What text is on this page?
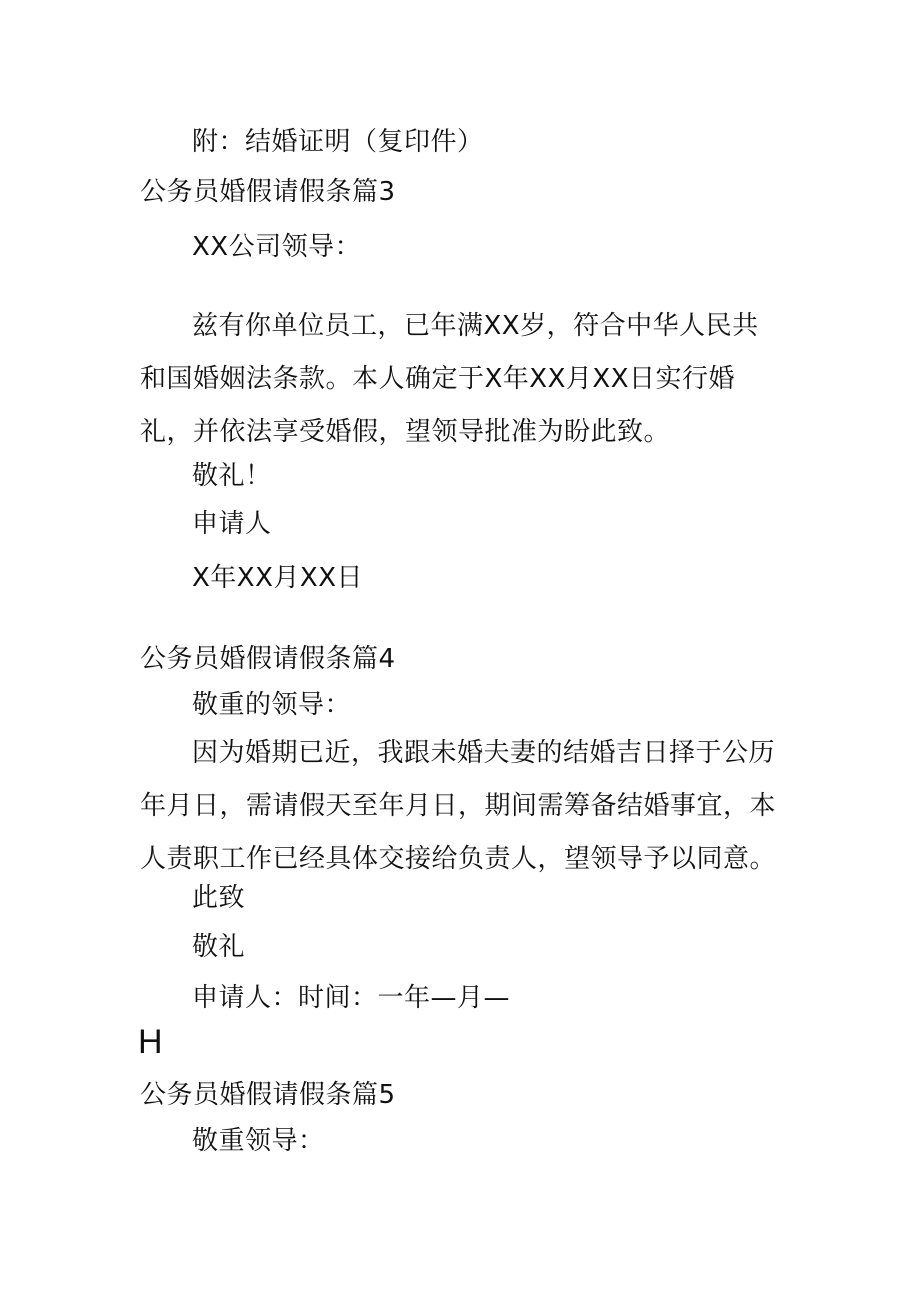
附：结婚证明（复印件）
公务员婚假请假条篇3
XX公司领导：
兹有你单位员工，已年满XX岁，符合中华人民共和国婚姻法条款。本人确定于X年XX月XX日实行婚礼，并依法享受婚假，望领导批准为盼此致。
敬礼！
申请人
X年XX月XX日
公务员婚假请假条篇4
敬重的领导：
因为婚期已近，我跟未婚夫妻的结婚吉日择于公历年月日，需请假天至年月日，期间需筹备结婚事宜，本人责职工作已经具体交接给负责人，望领导予以同意。
此致
敬礼
申请人：时间：一年—月—
H
公务员婚假请假条篇5
敬重领导：
